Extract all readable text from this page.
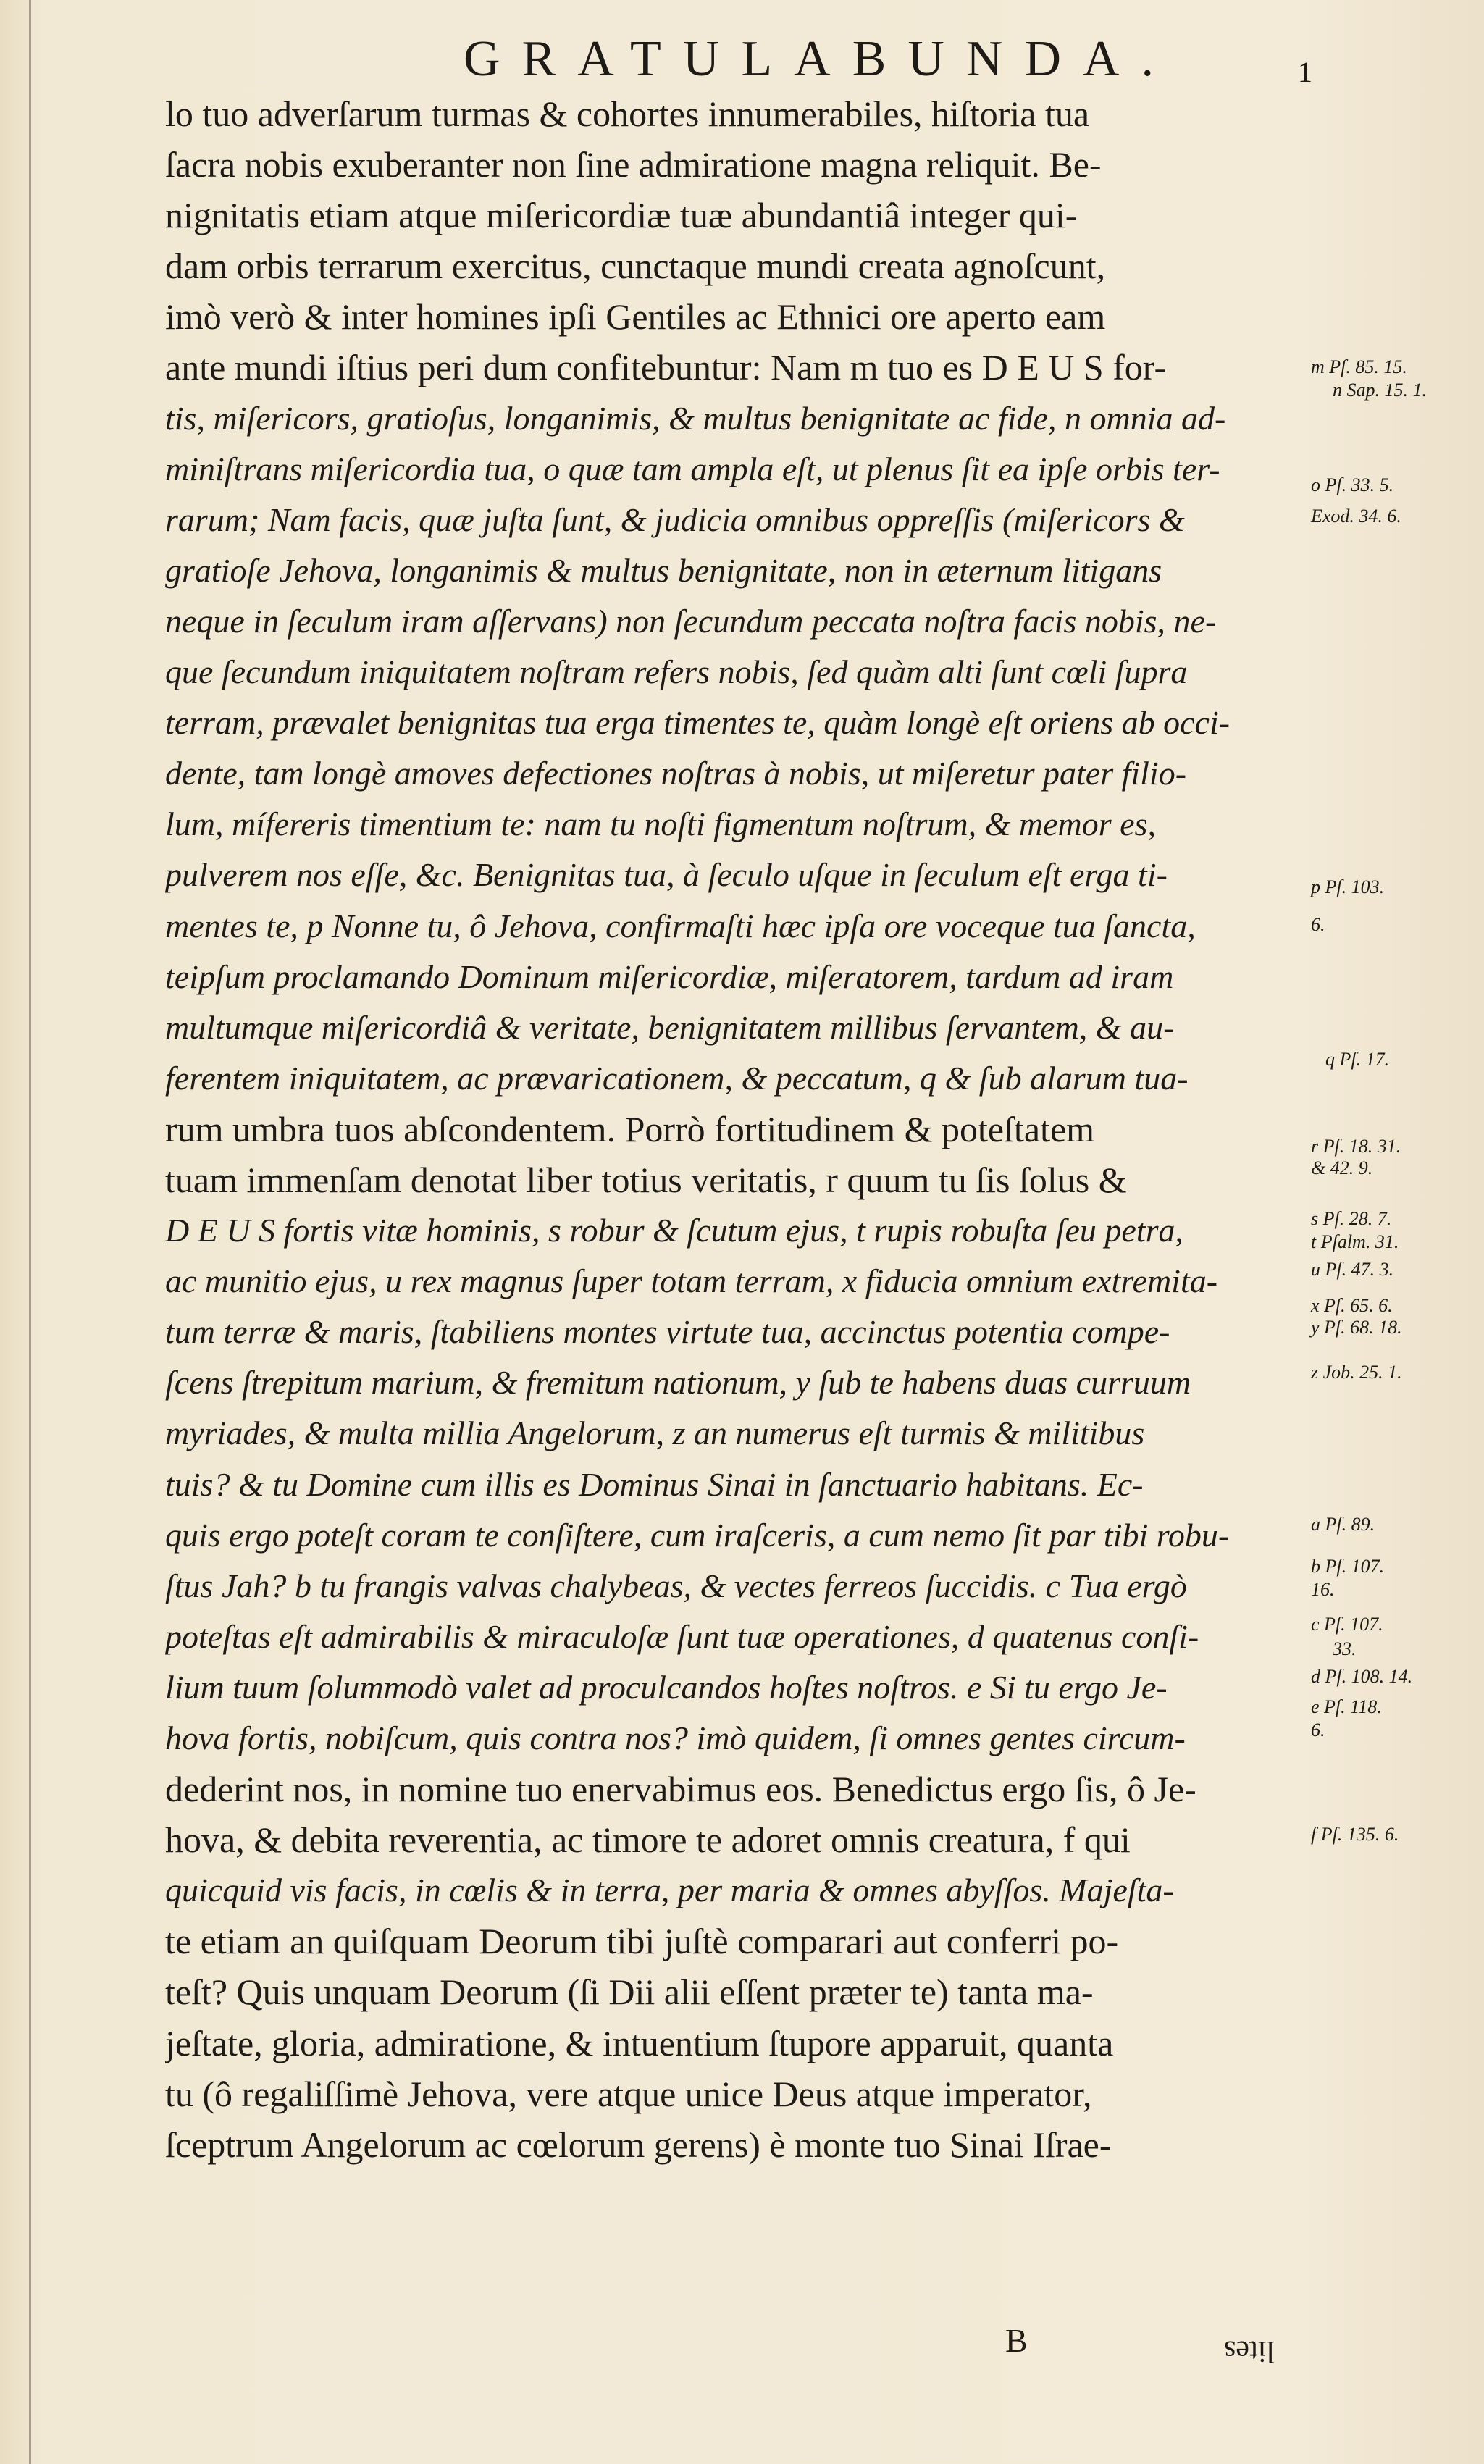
GRATULABUNDA.	1
lo tuo adverſarum turmas & cohortes innumerabiles, hiſtoria tua
ſacra nobis exuberanter non ſine admiratione magna reliquit. Be-
nignitatis etiam atque miſericordiæ tuæ abundantiâ integer qui-
dam orbis terrarum exercitus, cunctaque mundi creata agnoſcunt,
imò verò & inter homines ipſi Gentiles ac Ethnici ore aperto eam
ante mundi iſtius peri dum confitebuntur: Nam m tuo es D E U S for-
tis, miſericors, gratioſus, longanimis, & multus benignitate ac fide, n omnia ad-
miniſtrans miſericordia tua, o quæ tam ampla eſt, ut plenus ſit ea ipſe orbis ter-
rarum; Nam facis, quæ juſta ſunt, & judicia omnibus oppreſſis (miſericors &
gratioſe Jehova, longanimis & multus benignitate, non in æternum litigans
neque in ſeculum iram aſſervans) non ſecundum peccata noſtra facis nobis, ne-
que ſecundum iniquitatem noſtram refers nobis, ſed quàm alti ſunt cœli ſupra
terram, prævalet benignitas tua erga timentes te, quàm longè eſt oriens ab occi-
dente, tam longè amoves defectiones noſtras à nobis, ut miſeretur pater filio-
lum, mífereris timentium te: nam tu noſti figmentum noſtrum, & memor es,
pulverem nos eſſe, &c. Benignitas tua, à ſeculo uſque in ſeculum eſt erga ti-
mentes te, p Nonne tu, ô Jehova, confirmaſti hæc ipſa ore voceque tua ſancta,
teipſum proclamando Dominum miſericordiæ, miſeratorem, tardum ad iram
multumque miſericordiâ & veritate, benignitatem millibus ſervantem, & au-
ferentem iniquitatem, ac prævaricationem, & peccatum, q & ſub alarum tua-
rum umbra tuos abſcondentem. Porrò fortitudinem & poteſtatem
tuam immenſam denotat liber totius veritatis, r quum tu ſis ſolus &
D E U S fortis vitæ hominis, s robur & ſcutum ejus, t rupis robuſta ſeu petra,
ac munitio ejus, u rex magnus ſuper totam terram, x fiducia omnium extremita-
tum terræ & maris, ſtabiliens montes virtute tua, accinctus potentia compe-
ſcens ſtrepitum marium, & fremitum nationum, y ſub te habens duas curruum
myriades, & multa millia Angelorum, z an numerus eſt turmis & militibus
tuis? & tu Domine cum illis es Dominus Sinai in ſanctuario habitans. Ec-
quis ergo poteſt coram te conſiſtere, cum iraſceris, a cum nemo ſit par tibi robu-
ſtus Jah? b tu frangis valvas chalybeas, & vectes ferreos ſuccidis. c Tua ergò
poteſtas eſt admirabilis & miraculoſæ ſunt tuæ operationes, d quatenus conſi-
lium tuum ſolummodò valet ad proculcandos hoſtes noſtros. e Si tu ergo Je-
hova fortis, nobiſcum, quis contra nos? imò quidem, ſi omnes gentes circum-
dederint nos, in nomine tuo enervabimus eos. Benedictus ergo ſis, ô Je-
hova, & debita reverentia, ac timore te adoret omnis creatura, f qui
quicquid vis facis, in cœlis & in terra, per maria & omnes abyſſos. Majeſta-
te etiam an quiſquam Deorum tibi juſtè comparari aut conferri po-
teſt? Quis unquam Deorum (ſi Dii alii eſſent præter te) tanta ma-
jeſtate, gloria, admiratione, & intuentium ſtupore apparuit, quanta
tu (ô regaliſſimè Jehova, vere atque unice Deus atque imperator,
ſceptrum Angelorum ac cœlorum gerens) è monte tuo Sinai Iſrae-
m Pſ. 85. 15.
n Sap. 15. 1.
o Pſ. 33. 5.
Exod. 34. 6.
p Pſ. 103.
6.
q Pſ. 17.
r Pſ. 18. 31.
& 42. 9.
s Pſ. 28. 7.
t Pſalm. 31.
u Pſ. 47. 3.
x Pſ. 65. 6.
y Pſ. 68. 18.
z Job. 25. 1.
a Pſ. 89.
b Pſ. 107.
16.
c Pſ. 107.
33.
d Pſ. 108. 14.
e Pſ. 118.
6.
f Pſ. 135. 6.
B	lites
